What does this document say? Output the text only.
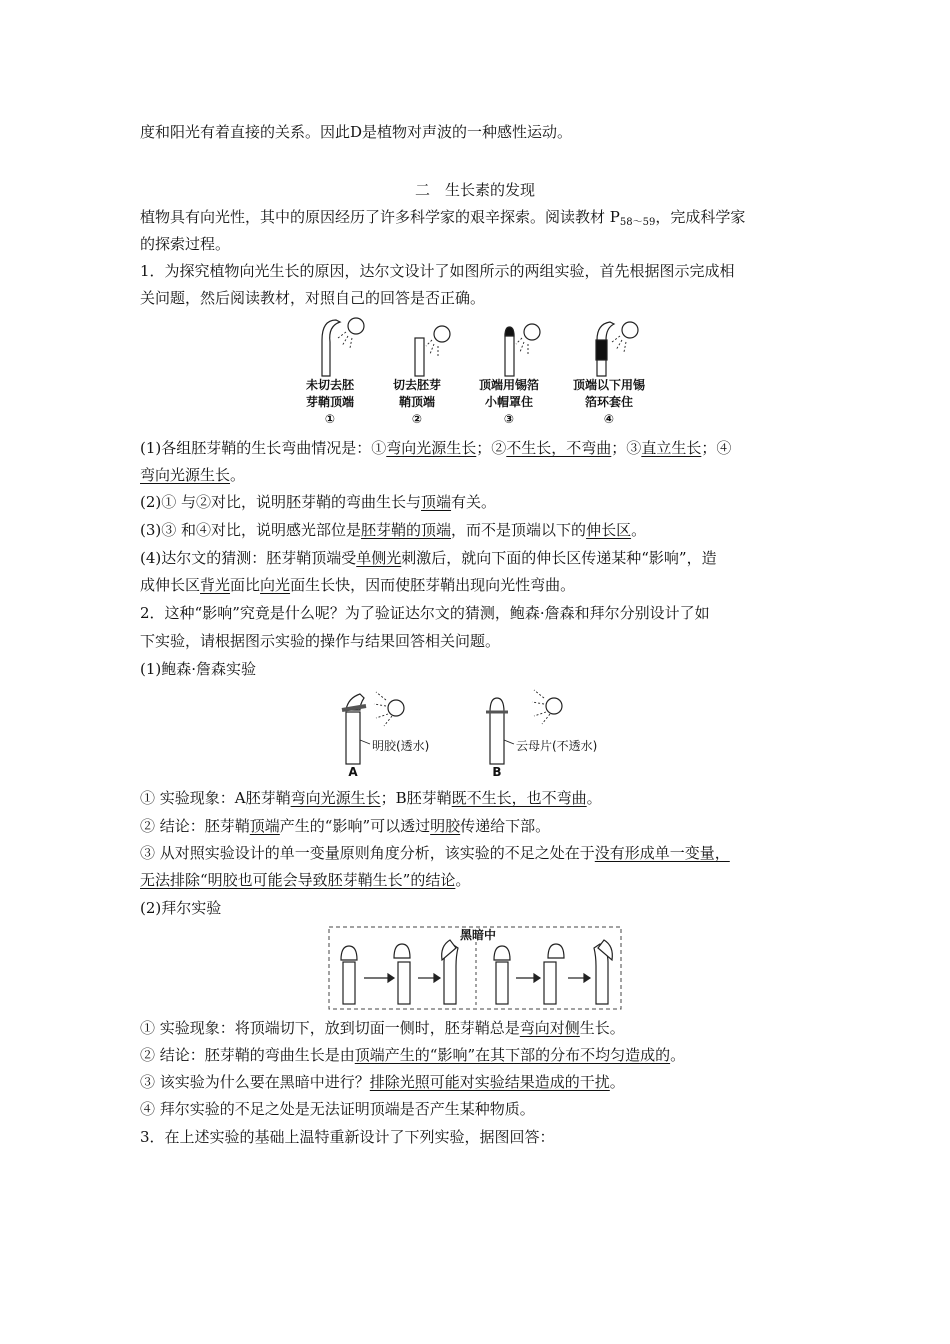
度和阳光有着直接的关系。因此D是植物对声波的一种感性运动。
二　生长素的发现
植物具有向光性，其中的原因经历了许多科学家的艰辛探索。阅读教材 $P_{58\sim 59}$，完成科学家
的探索过程。
1．为探究植物向光生长的原因，达尔文设计了如图所示的两组实验，首先根据图示完成相
关问题，然后阅读教材，对照自己的回答是否正确。
未切去胚
芽鞘顶端
①
切去胚芽
鞘顶端
②
顶端用锡箔
小帽罩住
③
顶端以下用锡
箔环套住
④
(1)各组胚芽鞘的生长弯曲情况是：①弯向光源生长；②不生长，不弯曲；③直立生长；④
弯向光源生长。
(2)① 与②对比，说明胚芽鞘的弯曲生长与顶端有关。
(3)③ 和④对比，说明感光部位是胚芽鞘的顶端，而不是顶端以下的伸长区。
(4)达尔文的猜测：胚芽鞘顶端受单侧光刺激后，就向下面的伸长区传递某种“影响”，造
成伸长区背光面比向光面生长快，因而使胚芽鞘出现向光性弯曲。
2．这种“影响”究竟是什么呢？为了验证达尔文的猜测，鲍森·詹森和拜尔分别设计了如
下实验，请根据图示实验的操作与结果回答相关问题。
(1)鲍森·詹森实验
明胶(透水)	云母片(不透水)
A	B
① 实验现象：A胚芽鞘弯向光源生长；B胚芽鞘既不生长，也不弯曲。
② 结论：胚芽鞘顶端产生的“影响”可以透过明胶传递给下部。
③ 从对照实验设计的单一变量原则角度分析，该实验的不足之处在于没有形成单一变量，
无法排除“明胶也可能会导致胚芽鞘生长”的结论。
(2)拜尔实验
黑暗中
① 实验现象：将顶端切下，放到切面一侧时，胚芽鞘总是弯向对侧生长。
② 结论：胚芽鞘的弯曲生长是由顶端产生的“影响”在其下部的分布不均匀造成的。
③ 该实验为什么要在黑暗中进行？排除光照可能对实验结果造成的干扰。
④ 拜尔实验的不足之处是无法证明顶端是否产生某种物质。
3．在上述实验的基础上温特重新设计了下列实验，据图回答：
